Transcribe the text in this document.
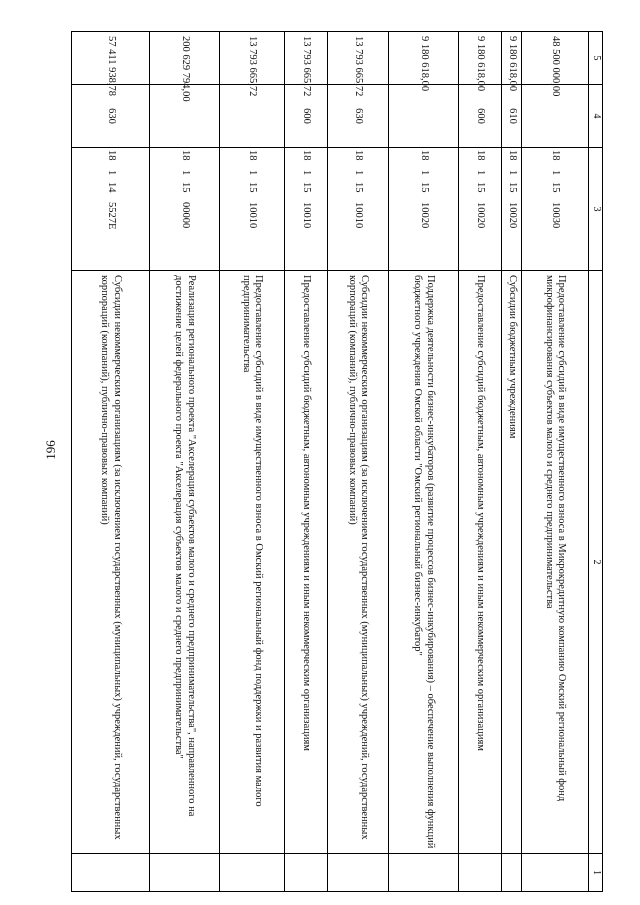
196
5	4	3	2	1
48 500 000,00		1811510030	Предоставление субсидий в виде имущественного взноса в Микрокредитную компанию Омский региональный фонд микрофинансирования субъектов малого и среднего предпринимательства	
9 180 618,00	610	1811510020	Субсидии бюджетным учреждениям	
9 180 618,00	600	1811510020	Предоставление субсидий бюджетным, автономным учреждениям и иным некоммерческим организациям	
9 180 618,00		1811510020	Поддержка деятельности бизнес-инкубаторов (развитие процессов бизнес-инкубирования) – обеспечение выполнения функций бюджетного учреждения Омской области "Омский региональный бизнес-инкубатор"	
13 793 665,72	630	1811510010	Субсидии некоммерческим организациям (за исключением государственных (муниципальных) учреждений, государственных корпораций (компаний), публично-правовых компаний)	
13 793 665,72	600	1811510010	Предоставление субсидий бюджетным, автономным учреждениям и иным некоммерческим организациям	
13 793 665,72		1811510010	Предоставление субсидий в виде имущественного взноса в Омский региональный фонд поддержки и развития малого предпринимательства	
200 629 794,00		1811500000	Реализация регионального проекта "Акселерация субъектов малого и среднего предпринимательства", направленного на достижение целей федерального проекта "Акселерация субъектов малого и среднего предпринимательства"	
57 411 938,78	630	181145527Е	Субсидии некоммерческим организациям (за исключением государственных (муниципальных) учреждений, государственных корпораций (компаний), публично-правовых компаний)	
